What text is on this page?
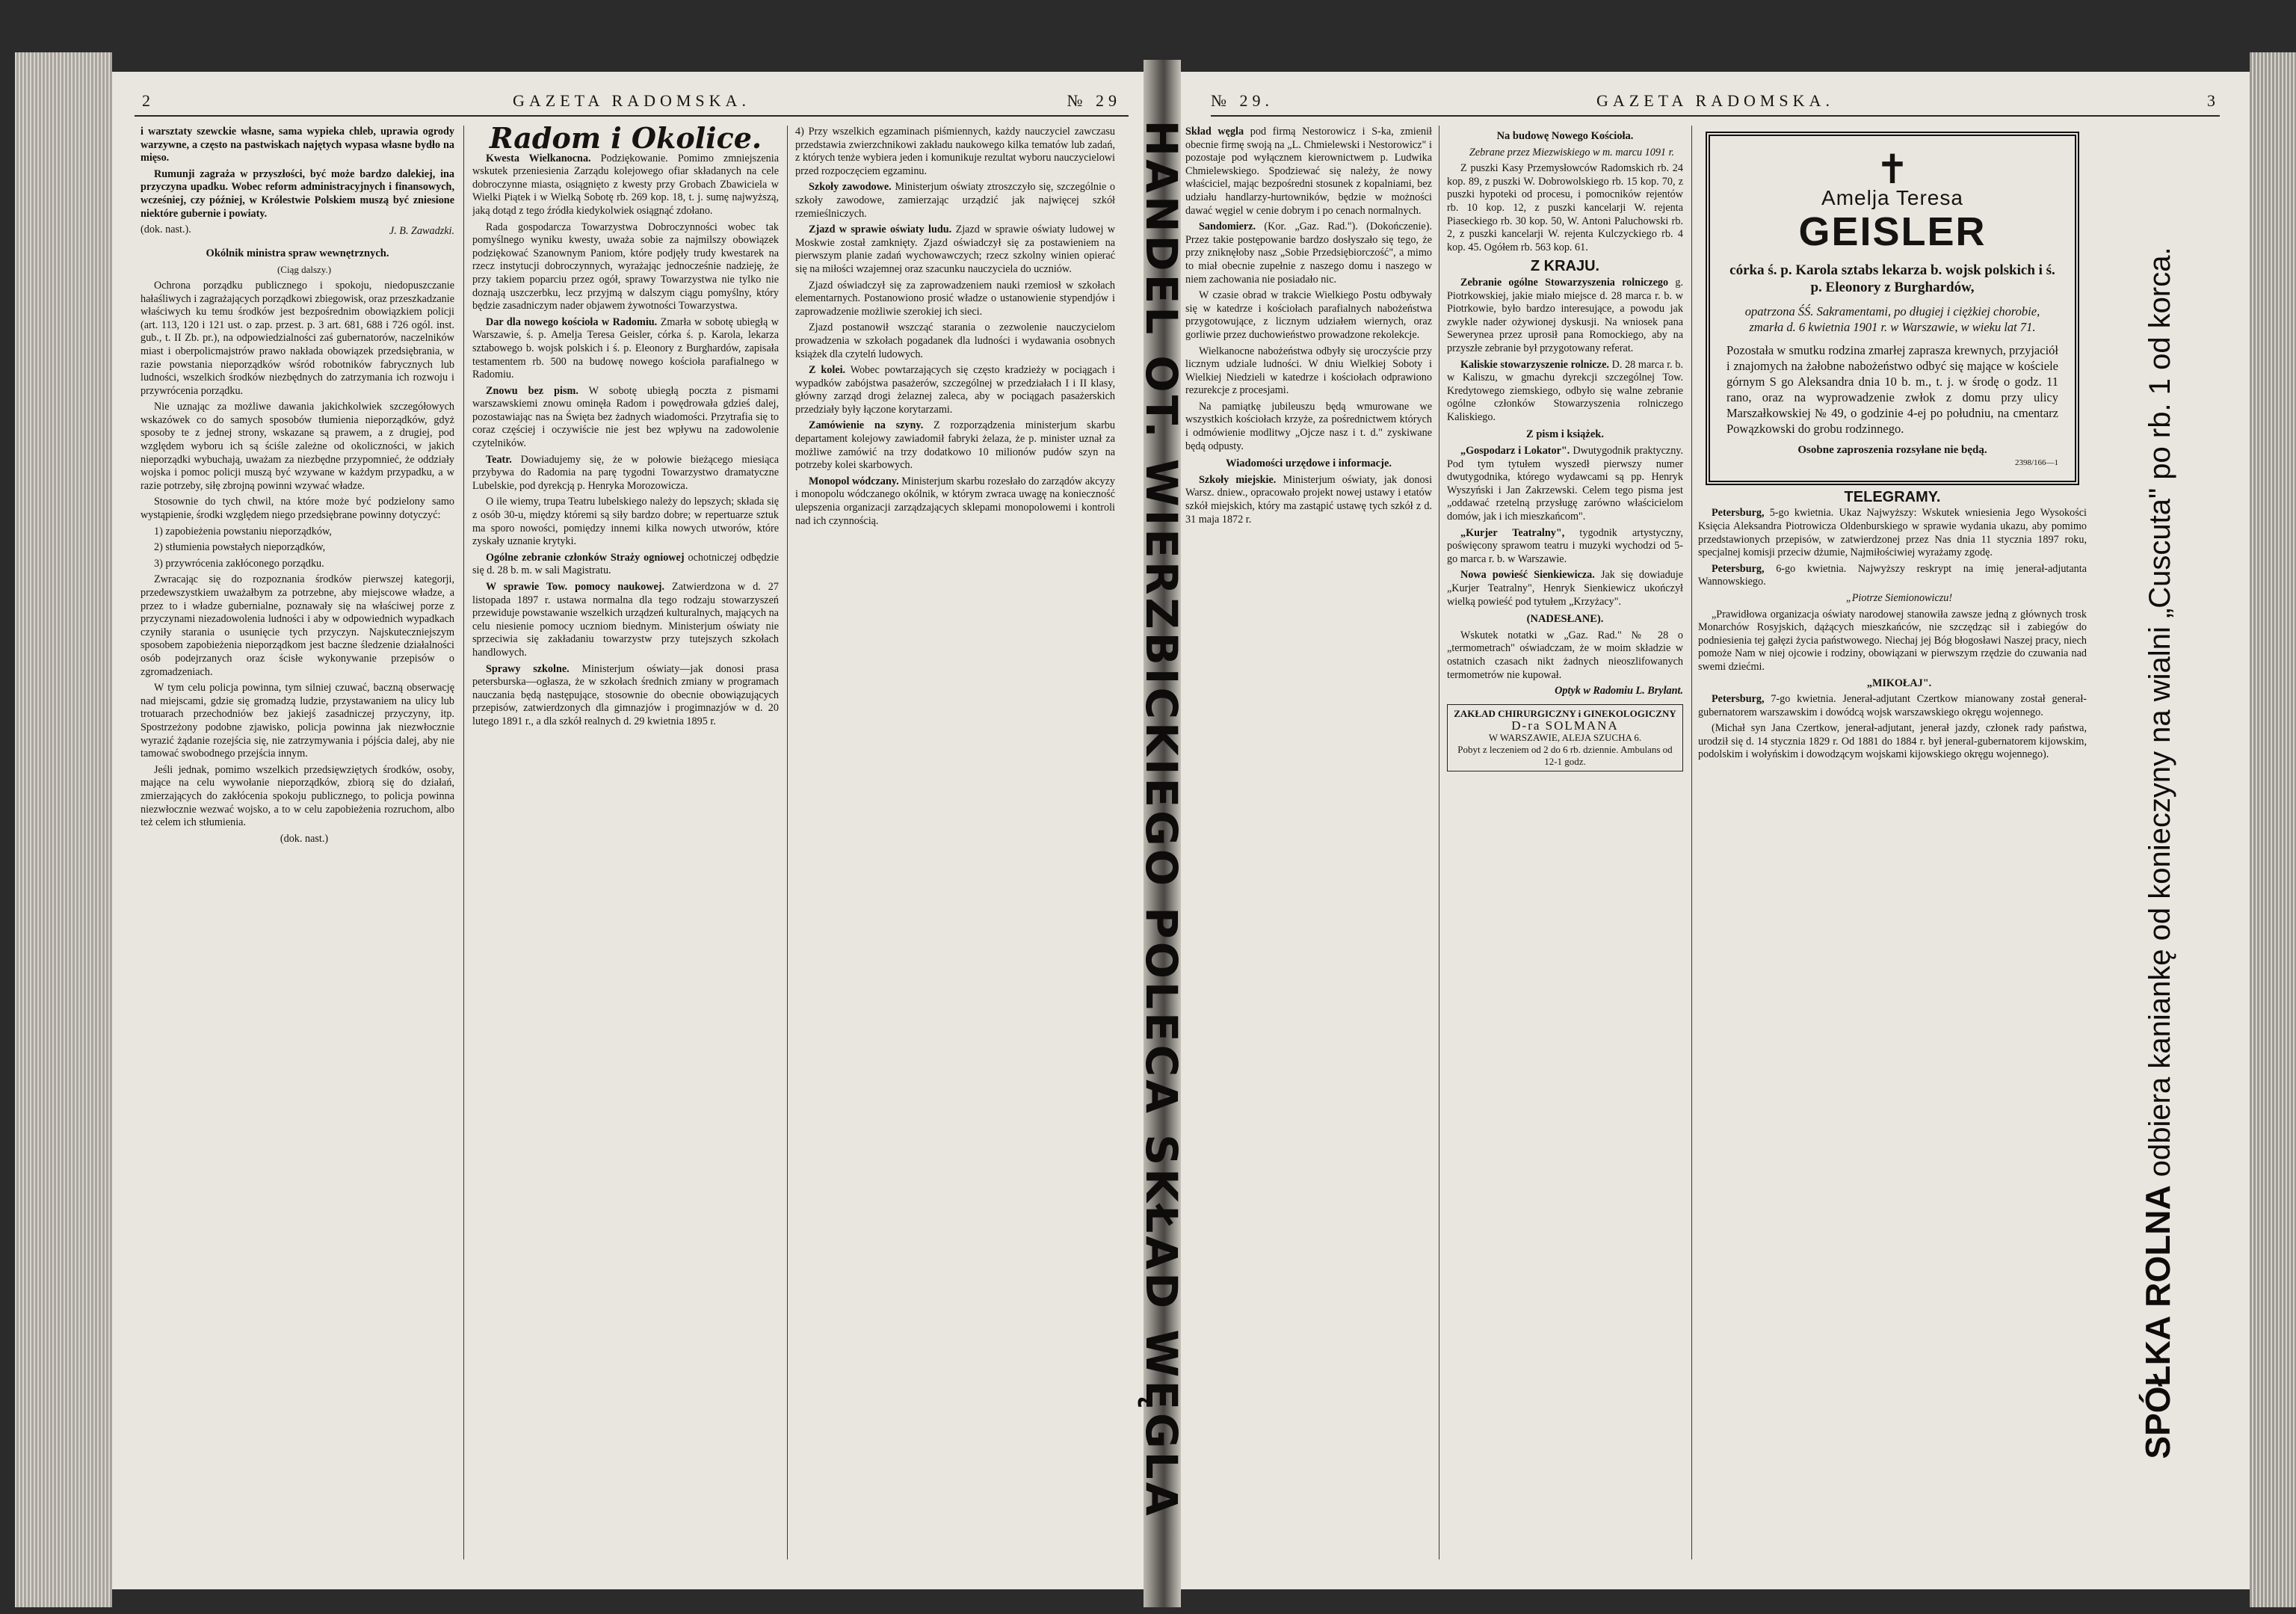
2	GAZETA RADOMSKA.	№ 29

i warsztaty szewckie własne, sama wypieka chleb, uprawia ogrody warzywne, a często na pastwiskach najętych wypasa własne bydło na mięso.

Rumunji zagraża w przyszłości, być może bardzo dalekiej, ina przyczyna upadku. Wobec reform administracyjnych i finansowych, wcześniej, czy później, w Królestwie Polskiem muszą być zniesione niektóre gubernie i powiaty.

(dok. nast.).	J. B. Zawadzki.
Okólnik ministra spraw wewnętrznych.

(Ciąg dalszy.)

Ochrona porządku publicznego i spokoju, niedopuszczanie hałaśliwych i zagrażających porządkowi zbiegowisk, oraz przeszkadzanie właściwych ku temu środków jest bezpośrednim obowiązkiem policji (art. 113, 120 i 121 ust. o zap. przest. p. 3 art. 681, 688 i 726 ogól. inst. gub., t. II Zb. pr.), na odpowiedzialności zaś gubernatorów, naczelników miast i oberpolicmajstrów prawo nakłada obowiązek przedsiębrania, w razie powstania nieporządków wśród robotników fabrycznych lub ludności, wszelkich środków niezbędnych do zatrzymania ich rozwoju i przywrócenia porządku.

Nie uznając za możliwe dawania jakichkolwiek szczegółowych wskazówek co do samych sposobów tłumienia nieporządków, gdyż sposoby te z jednej strony, wskazane są prawem, a z drugiej, pod względem wyboru ich są ściśle zależne od okoliczności, w jakich nieporządki wybuchają, uważam za niezbędne przypomnieć, że oddziały wojska i pomoc policji muszą być wzywane w każdym przypadku, a w razie potrzeby, siłę zbrojną powinni wzywać władze.

Stosownie do tych chwil, na które może być podzielony samo wystąpienie, środki względem niego przedsiębrane powinny dotyczyć:

1) zapobieżenia powstaniu nieporządków,

2) stłumienia powstałych nieporządków,

3) przywrócenia zakłóconego porządku.

Zwracając się do rozpoznania środków pierwszej kategorji, przedewszystkiem uważałbym za potrzebne, aby miejscowe władze, a przez to i władze gubernialne, poznawały się na właściwej porze z przyczynami niezadowolenia ludności i aby w odpowiednich wypadkach czyniły starania o usunięcie tych przyczyn. Najskuteczniejszym sposobem zapobieżenia nieporządkom jest baczne śledzenie działalności osób podejrzanych oraz ścisłe wykonywanie przepisów o zgromadzeniach.

W tym celu policja powinna, tym silniej czuwać, baczną obserwację nad miejscami, gdzie się gromadzą ludzie, przystawaniem na ulicy lub trotuarach przechodniów bez jakiejś zasadniczej przyczyny, itp. Spostrzeżony podobne zjawisko, policja powinna jak niezwłocznie wyrazić żądanie rozejścia się, nie zatrzymywania i pójścia dalej, aby nie tamować swobodnego przejścia innym.

Jeśli jednak, pomimo wszelkich przedsięwziętych środków, osoby, mające na celu wywołanie nieporządków, zbiorą się do działań, zmierzających do zakłócenia spokoju publicznego, to policja powinna niezwłocznie wezwać wojsko, a to w celu zapobieżenia rozruchom, albo też celem ich stłumienia.

(dok. nast.)

Radom i Okolice.

Kwesta Wielkanocna. Podziękowanie. Pomimo zmniejszenia wskutek przeniesienia Zarządu kolejowego ofiar składanych na cele dobroczynne miasta, osiągnięto z kwesty przy Grobach Zbawiciela w Wielki Piątek i w Wielką Sobotę rb. 269 kop. 18, t. j. sumę najwyższą, jaką dotąd z tego źródła kiedykolwiek osiągnąć zdołano.

Rada gospodarcza Towarzystwa Dobroczynności wobec tak pomyślnego wyniku kwesty, uważa sobie za najmilszy obowiązek podziękować Szanownym Paniom, które podjęły trudy kwestarek na rzecz instytucji dobroczynnych, wyrażając jednocześnie nadzieję, że przy takiem poparciu przez ogół, sprawy Towarzystwa nie tylko nie doznają uszczerbku, lecz przyjmą w dalszym ciągu pomyślny, który będzie zasadniczym nader objawem żywotności Towarzystwa.

Dar dla nowego kościoła w Radomiu. Zmarła w sobotę ubiegłą w Warszawie, ś. p. Amelja Teresa Geisler, córka ś. p. Karola, lekarza sztabowego b. wojsk polskich i ś. p. Eleonory z Burghardów, zapisała testamentem rb. 500 na budowę nowego kościoła parafialnego w Radomiu.

Znowu bez pism. W sobotę ubiegłą poczta z pismami warszawskiemi znowu ominęła Radom i powędrowała gdzieś dalej, pozostawiając nas na Święta bez żadnych wiadomości. Przytrafia się to coraz częściej i oczywiście nie jest bez wpływu na zadowolenie czytelników.

Teatr. Dowiadujemy się, że w połowie bieżącego miesiąca przybywa do Radomia na parę tygodni Towarzystwo dramatyczne Lubelskie, pod dyrekcją p. Henryka Morozowicza.

O ile wiemy, trupa Teatru lubelskiego należy do lepszych; składa się z osób 30-u, między któremi są siły bardzo dobre; w repertuarze sztuk ma sporo nowości, pomiędzy innemi kilka nowych utworów, które zyskały uznanie krytyki.

Ogólne zebranie członków Straży ogniowej ochotniczej odbędzie się d. 28 b. m. w sali Magistratu.

W sprawie Tow. pomocy naukowej. Zatwierdzona w d. 27 listopada 1897 r. ustawa normalna dla tego rodzaju stowarzyszeń przewiduje powstawanie wszelkich urządzeń kulturalnych, mających na celu niesienie pomocy uczniom biednym. Ministerjum oświaty nie sprzeciwia się zakładaniu towarzystw przy tutejszych szkołach handlowych.

Sprawy szkolne. Ministerjum oświaty—jak donosi prasa petersburska—ogłasza, że w szkołach średnich zmiany w programach nauczania będą następujące, stosownie do obecnie obowiązujących przepisów, zatwierdzonych dla gimnazjów i progimnazjów w d. 20 lutego 1891 r., a dla szkół realnych d. 29 kwietnia 1895 r.

4) Przy wszelkich egzaminach piśmiennych, każdy nauczyciel zawczasu przedstawia zwierzchnikowi zakładu naukowego kilka tematów lub zadań, z których tenże wybiera jeden i komunikuje rezultat wyboru nauczycielowi przed rozpoczęciem egzaminu.

Szkoły zawodowe. Ministerjum oświaty ztroszczyło się, szczególnie o szkoły zawodowe, zamierzając urządzić jak najwięcej szkół rzemieślniczych.

Zjazd w sprawie oświaty ludu. Zjazd w sprawie oświaty ludowej w Moskwie został zamknięty. Zjazd oświadczył się za postawieniem na pierwszym planie zadań wychowawczych; rzecz szkolny winien opierać się na miłości wzajemnej oraz szacunku nauczyciela do uczniów.

Zjazd oświadczył się za zaprowadzeniem nauki rzemiosł w szkołach elementarnych. Postanowiono prosić władze o ustanowienie stypendjów i zaprowadzenie możliwie szerokiej ich sieci.

Zjazd postanowił wszcząć starania o zezwolenie nauczycielom prowadzenia w szkołach pogadanek dla ludności i wydawania osobnych książek dla czytelń ludowych.

Z kolei. Wobec powtarzających się często kradzieży w pociągach i wypadków zabójstwa pasażerów, szczególnej w przedziałach I i II klasy, główny zarząd drogi żelaznej zaleca, aby w pociągach pasażerskich przedziały były łączone korytarzami.

Zamówienie na szyny. Z rozporządzenia ministerjum skarbu departament kolejowy zawiadomił fabryki żelaza, że p. minister uznał za możliwe zamówić na trzy dodatkowo 10 milionów pudów szyn na potrzeby kolei skarbowych.

Monopol wódczany. Ministerjum skarbu rozesłało do zarządów akcyzy i monopolu wódczanego okólnik, w którym zwraca uwagę na konieczność ulepszenia organizacji zarządzających sklepami monopolowemi i kontroli nad ich czynnością.

№ 29.	GAZETA RADOMSKA.	3

Skład węgla pod firmą Nestorowicz i S-ka, zmienił obecnie firmę swoją na „L. Chmielewski i Nestorowicz" i pozostaje pod wyłącznem kierownictwem p. Ludwika Chmielewskiego. Spodziewać się należy, że nowy właściciel, mając bezpośredni stosunek z kopalniami, bez udziału handlarzy-hurtowników, będzie w możności dawać węgiel w cenie dobrym i po cenach normalnych.

Sandomierz. (Kor. „Gaz. Rad."). (Dokończenie). Przez takie postępowanie bardzo dosłyszało się tego, że przy zniknęłoby nasz „Sobie Przedsiębiorczość", a mimo to miał obecnie zupełnie z naszego domu i naszego w niem zachowania nie posiadało nic.

W czasie obrad w trakcie Wielkiego Postu odbywały się w katedrze i kościołach parafialnych nabożeństwa przygotowujące, z licznym udziałem wiernych, oraz gorliwie przez duchowieństwo prowadzone rekolekcje.

Wielkanocne nabożeństwa odbyły się uroczyście przy licznym udziale ludności. W dniu Wielkiej Soboty i Wielkiej Niedzieli w katedrze i kościołach odprawiono rezurekcje z procesjami.

Na pamiątkę jubileuszu będą wmurowane we wszystkich kościołach krzyże, za pośrednictwem których i odmówienie modlitwy „Ojcze nasz i t. d." zyskiwane będą odpusty.

Wiadomości urzędowe i informacje.

Szkoły miejskie. Ministerjum oświaty, jak donosi Warsz. dniew., opracowało projekt nowej ustawy i etatów szkół miejskich, który ma zastąpić ustawę tych szkół z d. 31 maja 1872 r.

Na budowę Nowego Kościoła.

Zebrane przez Miezwiskiego w m. marcu 1091 r.

Z puszki Kasy Przemysłowców Radomskich rb. 24 kop. 89, z puszki W. Dobrowolskiego rb. 15 kop. 70, z puszki hypoteki od procesu, i pomocników rejentów rb. 10 kop. 12, z puszki kancelarji W. rejenta Piaseckiego rb. 30 kop. 50, W. Antoni Paluchowski rb. 2, z puszki kancelarji W. rejenta Kulczyckiego rb. 4 kop. 45. Ogółem rb. 563 kop. 61.

Z KRAJU.

Zebranie ogólne Stowarzyszenia rolniczego g. Piotrkowskiej, jakie miało miejsce d. 28 marca r. b. w Piotrkowie, było bardzo interesujące, a powodu jak zwykle nader ożywionej dyskusji. Na wniosek pana Sewerynea przez uprosił pana Romockiego, aby na przyszłe zebranie był przygotowany referat.

Kaliskie stowarzyszenie rolnicze. D. 28 marca r. b. w Kaliszu, w gmachu dyrekcji szczególnej Tow. Kredytowego ziemskiego, odbyło się walne zebranie ogólne członków Stowarzyszenia rolniczego Kaliskiego.

Z pism i książek.

„Gospodarz i Lokator". Dwutygodnik praktyczny. Pod tym tytułem wyszedł pierwszy numer dwutygodnika, którego wydawcami są pp. Henryk Wyszyński i Jan Zakrzewski. Celem tego pisma jest „oddawać rzetelną przysługę zarówno właścicielom domów, jak i ich mieszkańcom".

„Kurjer Teatralny", tygodnik artystyczny, poświęcony sprawom teatru i muzyki wychodzi od 5-go marca r. b. w Warszawie.

Nowa powieść Sienkiewicza. Jak się dowiaduje „Kurjer Teatralny", Henryk Sienkiewicz ukończył wielką powieść pod tytułem „Krzyżacy".

(NADESŁANE).

Wskutek notatki w „Gaz. Rad." № 28 o „termometrach" oświadczam, że w moim składzie w ostatnich czasach nikt żadnych nieoszlifowanych termometrów nie kupował.

Optyk w Radomiu L. Brylant.

ZAKŁAD CHIRURGICZNY i GINEKOLOGICZNY
D-ra SOLMANA
W WARSZAWIE, ALEJA SZUCHA 6.
Pobyt z leczeniem od 2 do 6 rb. dziennie. Ambulans od 12-1 godz.
✝
Amelja Teresa
GEISLER
córka ś. p. Karola sztabs lekarza b. wojsk polskich i ś. p. Eleonory z Burghardów,
opatrzona ŚŚ. Sakramentami, po długiej i ciężkiej chorobie, zmarła d. 6 kwietnia 1901 r. w Warszawie, w wieku lat 71.
Pozostała w smutku rodzina zmarłej zaprasza krewnych, przyjaciół i znajomych na żałobne nabożeństwo odbyć się mające w kościele górnym S go Aleksandra dnia 10 b. m., t. j. w środę o godz. 11 rano, oraz na wyprowadzenie zwłok z domu przy ulicy Marszałkowskiej № 49, o godzinie 4-ej po południu, na cmentarz Powązkowski do grobu rodzinnego.
Osobne zaproszenia rozsyłane nie będą.
2398/166—1
TELEGRAMY.

Petersburg, 5-go kwietnia. Ukaz Najwyższy: Wskutek wniesienia Jego Wysokości Księcia Aleksandra Piotrowicza Oldenburskiego w sprawie wydania ukazu, aby pomimo przedstawionych przepisów, w zatwierdzonej przez Nas dnia 11 stycznia 1897 roku, specjalnej komisji przeciw dżumie, Najmiłościwiej wyrażamy zgodę.

Petersburg, 6-go kwietnia. Najwyższy reskrypt na imię jenerał-adjutanta Wannowskiego.

„Piotrze Siemionowiczu!

„Prawidłowa organizacja oświaty narodowej stanowiła zawsze jedną z głównych trosk Monarchów Rosyjskich, dążących mieszkańców, nie szczędząc sił i zabiegów do podniesienia tej gałęzi życia państwowego. Niechaj jej Bóg błogosławi Naszej pracy, niech pomoże Nam w niej ojcowie i rodziny, obowiązani w pierwszym rzędzie do czuwania nad swemi dziećmi.

„MIKOŁAJ".

Petersburg, 7-go kwietnia. Jenerał-adjutant Czertkow mianowany został generał-gubernatorem warszawskim i dowódcą wojsk warszawskiego okręgu wojennego.

(Michał syn Jana Czertkow, jenerał-adjutant, jenerał jazdy, członek rady państwa, urodził się d. 14 stycznia 1829 r. Od 1881 do 1884 r. był jeneral-gubernatorem kijowskim, podolskim i wołyńskim i dowodzącym wojskami kijowskiego okręgu wojennego).

SPÓŁKA ROLNA odbiera kaniankę od konieczyny na wialni „Cuscuta" po rb. 1 od korca.
HANDEL OT. WIERZBICKIEGO POLECA SKŁAD WĘGLA
